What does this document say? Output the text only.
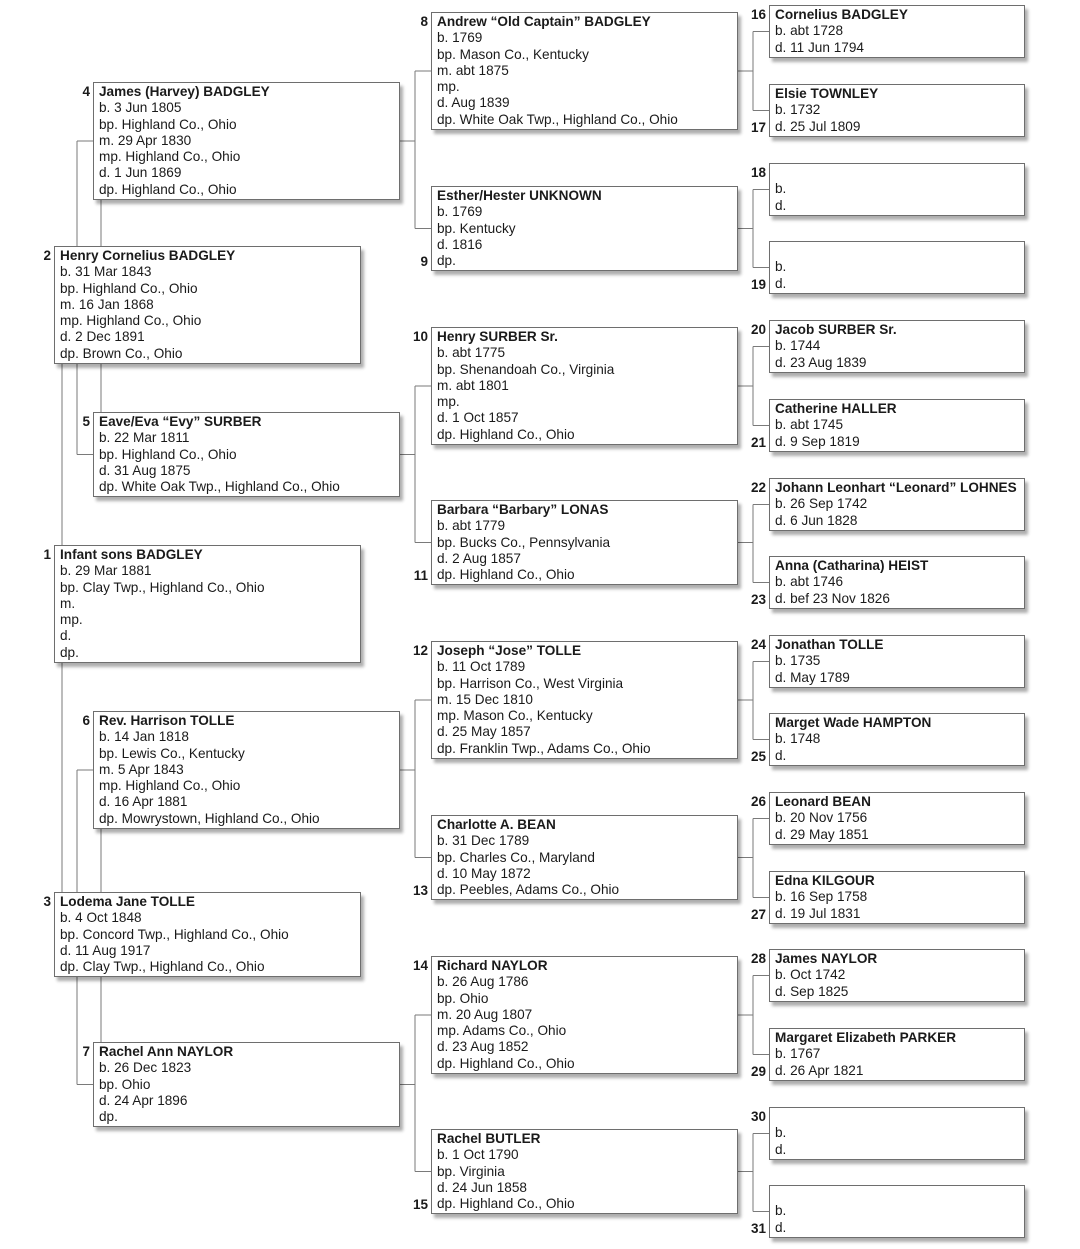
Infant sons BADGLEY
b. 29 Mar 1881
bp. Clay Twp., Highland Co., Ohio
m.
mp.
d.
dp.
1
Henry Cornelius BADGLEY
b. 31 Mar 1843
bp. Highland Co., Ohio
m. 16 Jan 1868
mp. Highland Co., Ohio
d. 2 Dec 1891
dp. Brown Co., Ohio
2
Lodema Jane TOLLE
b. 4 Oct 1848
bp. Concord Twp., Highland Co., Ohio
d. 11 Aug 1917
dp. Clay Twp., Highland Co., Ohio
3
James (Harvey) BADGLEY
b. 3 Jun 1805
bp. Highland Co., Ohio
m. 29 Apr 1830
mp. Highland Co., Ohio
d. 1 Jun 1869
dp. Highland Co., Ohio
4
Eave/Eva “Evy” SURBER
b. 22 Mar 1811
bp. Highland Co., Ohio
d. 31 Aug 1875
dp. White Oak Twp., Highland Co., Ohio
5
Rev. Harrison TOLLE
b. 14 Jan 1818
bp. Lewis Co., Kentucky
m. 5 Apr 1843
mp. Highland Co., Ohio
d. 16 Apr 1881
dp. Mowrystown, Highland Co., Ohio
6
Rachel Ann NAYLOR
b. 26 Dec 1823
bp. Ohio
d. 24 Apr 1896
dp.
7
Andrew “Old Captain” BADGLEY
b. 1769
bp. Mason Co., Kentucky
m. abt 1875
mp.
d. Aug 1839
dp. White Oak Twp., Highland Co., Ohio
8
Esther/Hester UNKNOWN
b. 1769
bp. Kentucky
d. 1816
dp.
9
Henry SURBER Sr.
b. abt 1775
bp. Shenandoah Co., Virginia
m. abt 1801
mp.
d. 1 Oct 1857
dp. Highland Co., Ohio
10
Barbara “Barbary” LONAS
b. abt 1779
bp. Bucks Co., Pennsylvania
d. 2 Aug 1857
dp. Highland Co., Ohio
11
Joseph “Jose” TOLLE
b. 11 Oct 1789
bp. Harrison Co., West Virginia
m. 15 Dec 1810
mp. Mason Co., Kentucky
d. 25 May 1857
dp. Franklin Twp., Adams Co., Ohio
12
Charlotte A. BEAN
b. 31 Dec 1789
bp. Charles Co., Maryland
d. 10 May 1872
dp. Peebles, Adams Co., Ohio
13
Richard NAYLOR
b. 26 Aug 1786
bp. Ohio
m. 20 Aug 1807
mp. Adams Co., Ohio
d. 23 Aug 1852
dp. Highland Co., Ohio
14
Rachel BUTLER
b. 1 Oct 1790
bp. Virginia
d. 24 Jun 1858
dp. Highland Co., Ohio
15
Cornelius BADGLEY
b. abt 1728
d. 11 Jun 1794
16
Elsie TOWNLEY
b. 1732
d. 25 Jul 1809
17

b.
d.
18

b.
d.
19
Jacob SURBER Sr.
b. 1744
d. 23 Aug 1839
20
Catherine HALLER
b. abt 1745
d. 9 Sep 1819
21
Johann Leonhart “Leonard” LOHNES
b. 26 Sep 1742
d. 6 Jun 1828
22
Anna (Catharina) HEIST
b. abt 1746
d. bef 23 Nov 1826
23
Jonathan TOLLE
b. 1735
d. May 1789
24
Marget Wade HAMPTON
b. 1748
d.
25
Leonard BEAN
b. 20 Nov 1756
d. 29 May 1851
26
Edna KILGOUR
b. 16 Sep 1758
d. 19 Jul 1831
27
James NAYLOR
b. Oct 1742
d. Sep 1825
28
Margaret Elizabeth PARKER
b. 1767
d. 26 Apr 1821
29

b.
d.
30

b.
d.
31
